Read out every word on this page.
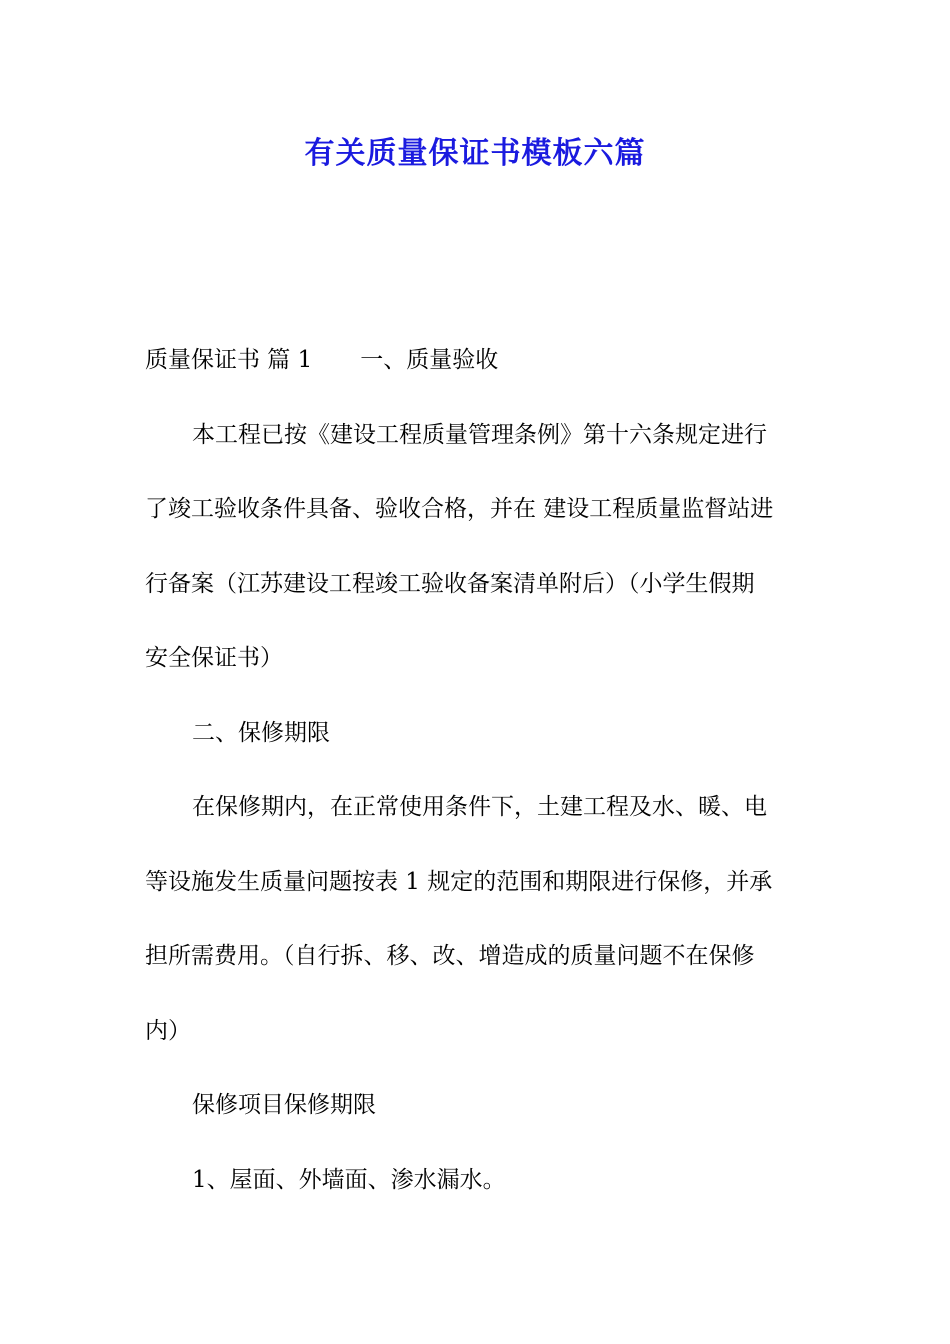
有关质量保证书模板六篇

质量保证书 篇 1 一、质量验收

本工程已按《建设工程质量管理条例》第十六条规定进行

了竣工验收条件具备、验收合格，并在 建设工程质量监督站进

行备案（江苏建设工程竣工验收备案清单附后）（小学生假期

安全保证书）

二、保修期限

在保修期内，在正常使用条件下，土建工程及水、暖、电

等设施发生质量问题按表 1 规定的范围和期限进行保修，并承

担所需费用。（自行拆、移、改、增造成的质量问题不在保修

内）

保修项目保修期限

1、屋面、外墙面、渗水漏水。
